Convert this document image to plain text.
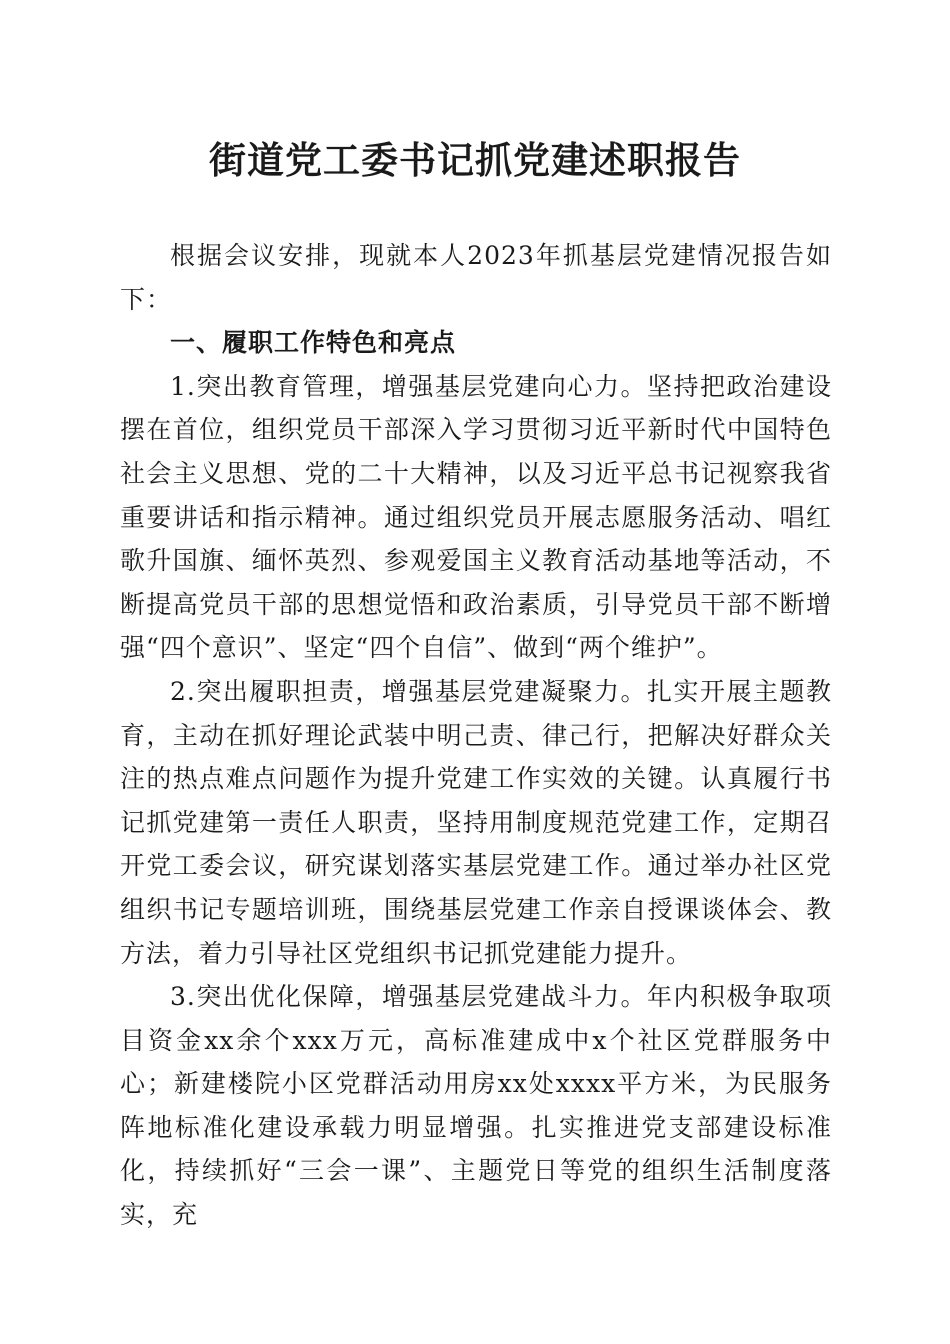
街道党工委书记抓党建述职报告

根据会议安排，现就本人2023年抓基层党建情况报告如下：

一、履职工作特色和亮点

1.突出教育管理，增强基层党建向心力。坚持把政治建设摆在首位，组织党员干部深入学习贯彻习近平新时代中国特色社会主义思想、党的二十大精神，以及习近平总书记视察我省重要讲话和指示精神。通过组织党员开展志愿服务活动、唱红歌升国旗、缅怀英烈、参观爱国主义教育活动基地等活动，不断提高党员干部的思想觉悟和政治素质，引导党员干部不断增强“四个意识”、坚定“四个自信”、做到“两个维护”。

2.突出履职担责，增强基层党建凝聚力。扎实开展主题教育，主动在抓好理论武装中明己责、律己行，把解决好群众关注的热点难点问题作为提升党建工作实效的关键。认真履行书记抓党建第一责任人职责，坚持用制度规范党建工作，定期召开党工委会议，研究谋划落实基层党建工作。通过举办社区党组织书记专题培训班，围绕基层党建工作亲自授课谈体会、教方法，着力引导社区党组织书记抓党建能力提升。

3.突出优化保障，增强基层党建战斗力。年内积极争取项目资金xx余个xxx万元，高标准建成中x个社区党群服务中心；新建楼院小区党群活动用房xx处xxxx平方米，为民服务阵地标准化建设承载力明显增强。扎实推进党支部建设标准化，持续抓好“三会一课”、主题党日等党的组织生活制度落实，充
